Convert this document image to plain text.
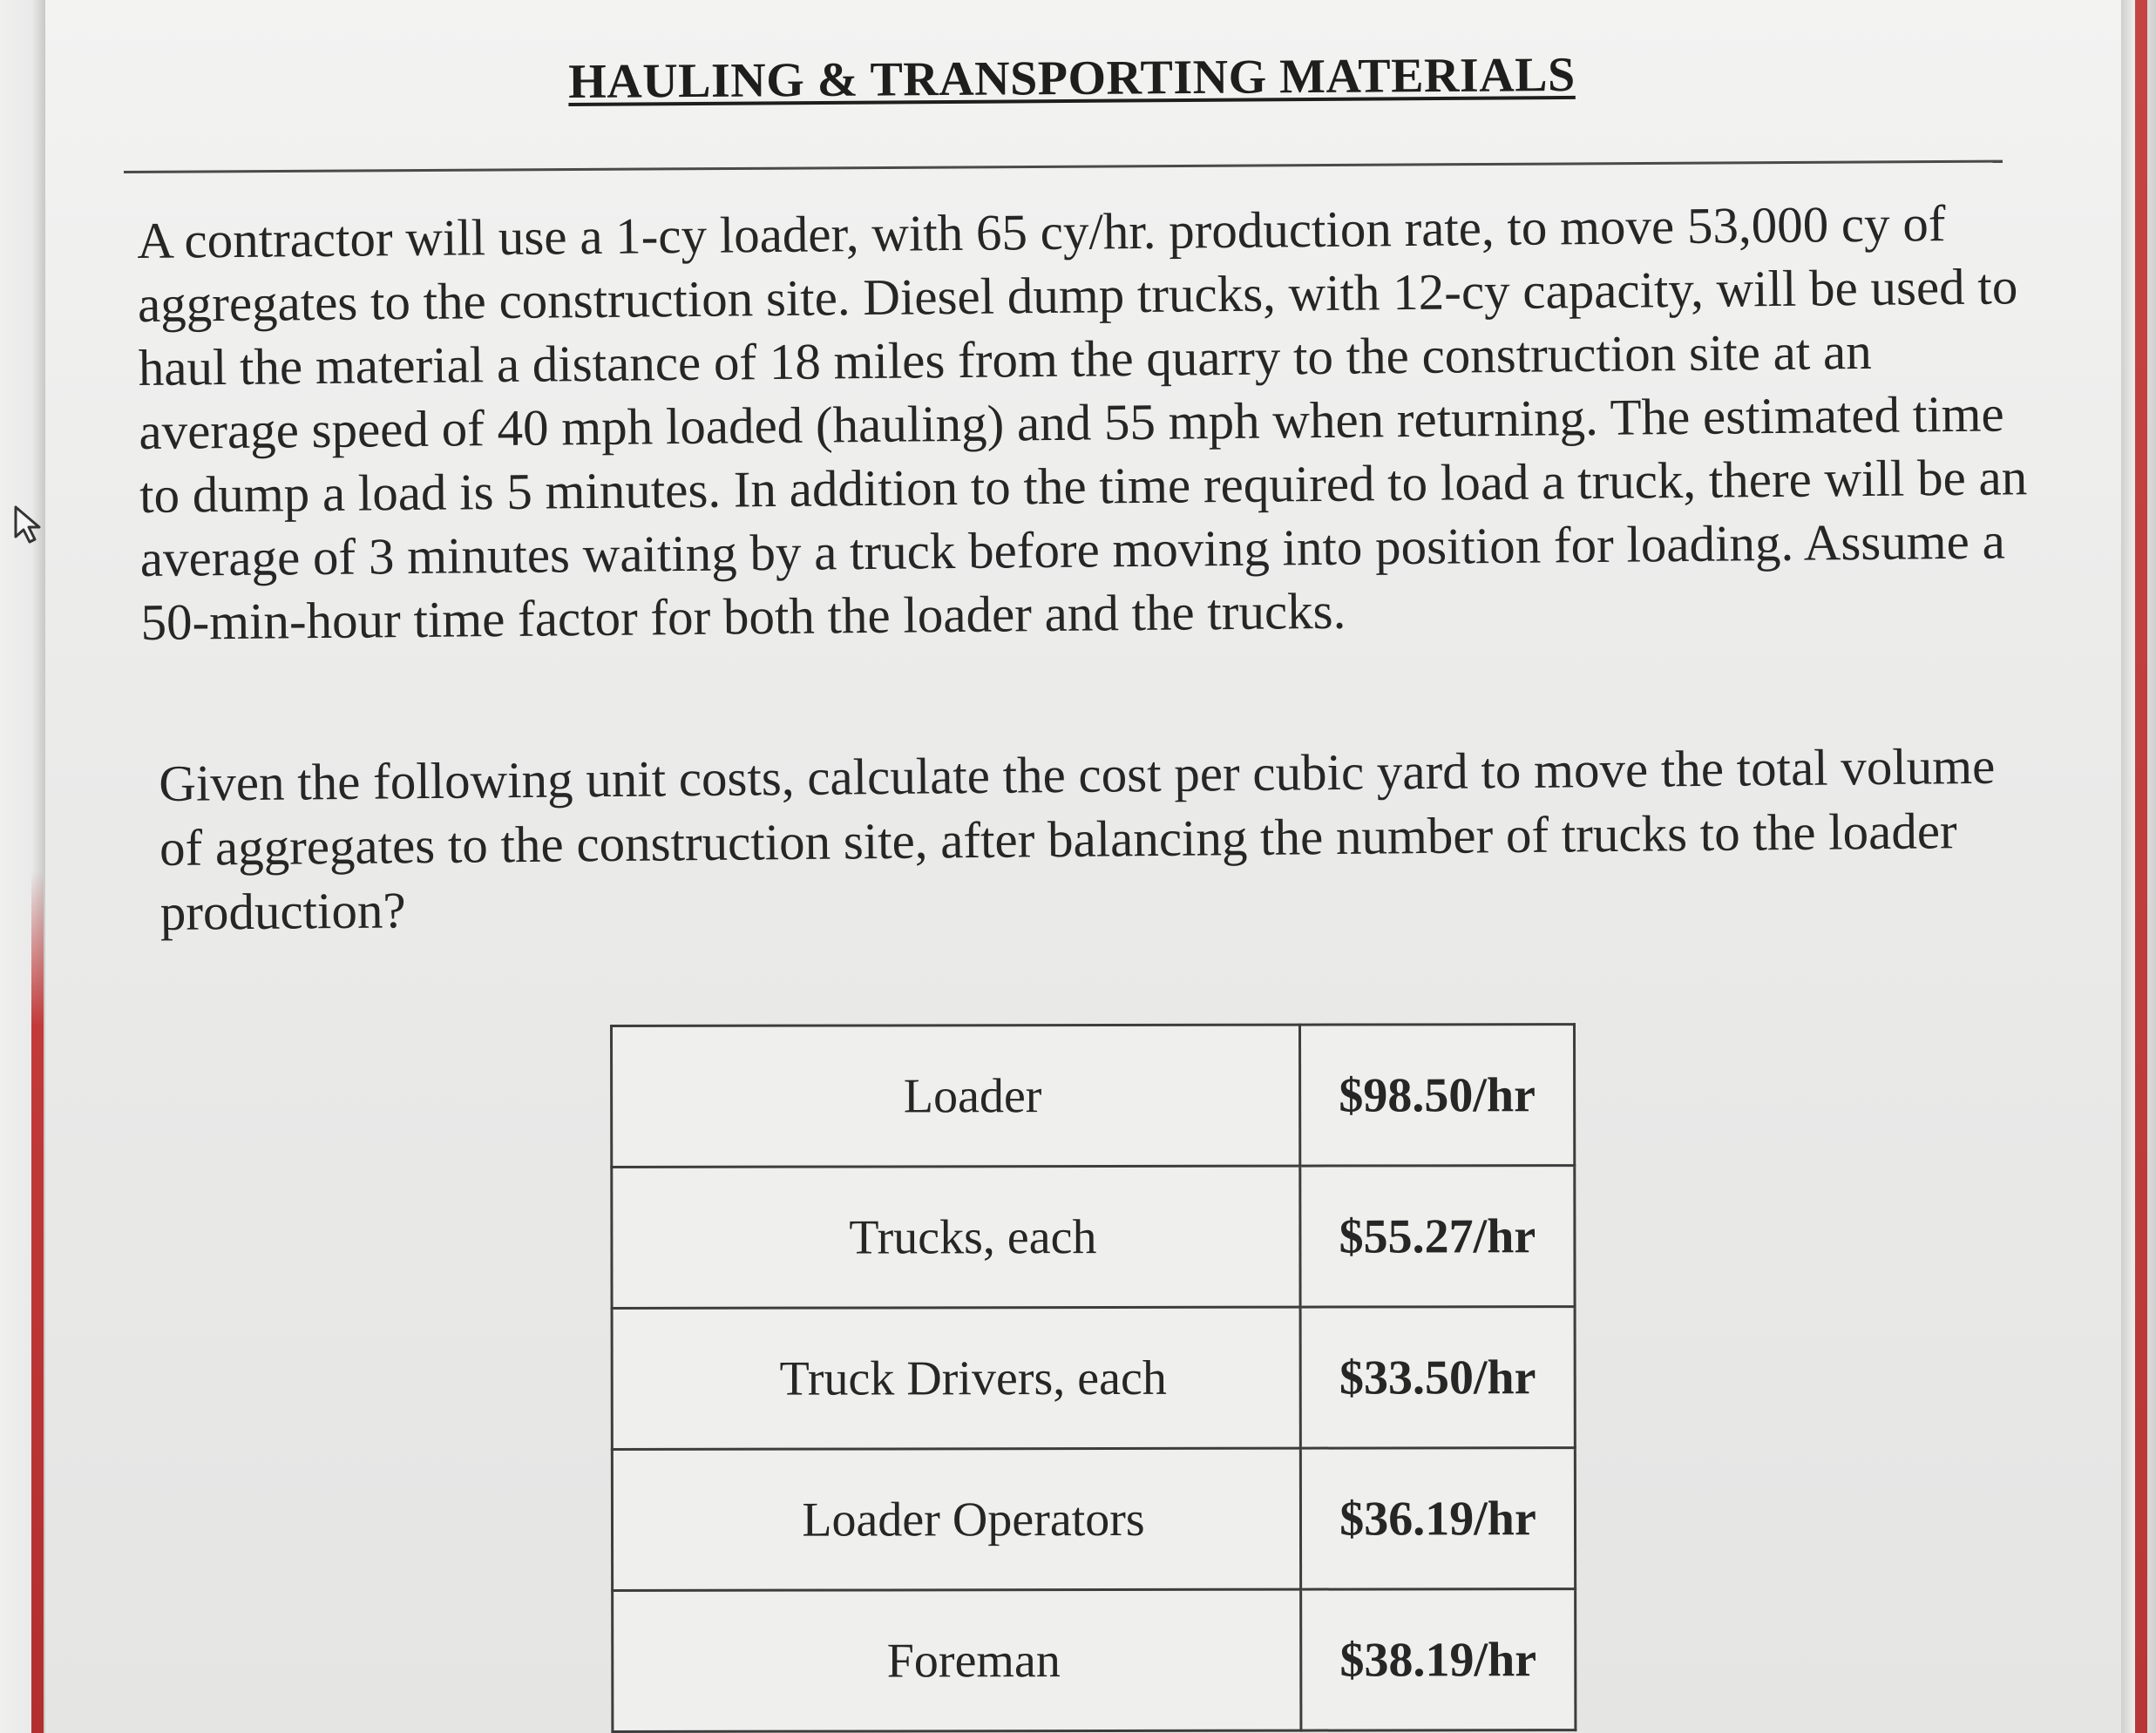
HAULING & TRANSPORTING MATERIALS

A contractor will use a 1-cy loader, with 65 cy/hr. production rate, to move 53,000 cy of aggregates to the construction site. Diesel dump trucks, with 12-cy capacity, will be used to haul the material a distance of 18 miles from the quarry to the construction site at an average speed of 40 mph loaded (hauling) and 55 mph when returning. The estimated time to dump a load is 5 minutes. In addition to the time required to load a truck, there will be an average of 3 minutes waiting by a truck before moving into position for loading. Assume a 50-min-hour time factor for both the loader and the trucks.

Given the following unit costs, calculate the cost per cubic yard to move the total volume of aggregates to the construction site, after balancing the number of trucks to the loader production?

Loader	$98.50/hr
Trucks, each	$55.27/hr
Truck Drivers, each	$33.50/hr
Loader Operators	$36.19/hr
Foreman	$38.19/hr
